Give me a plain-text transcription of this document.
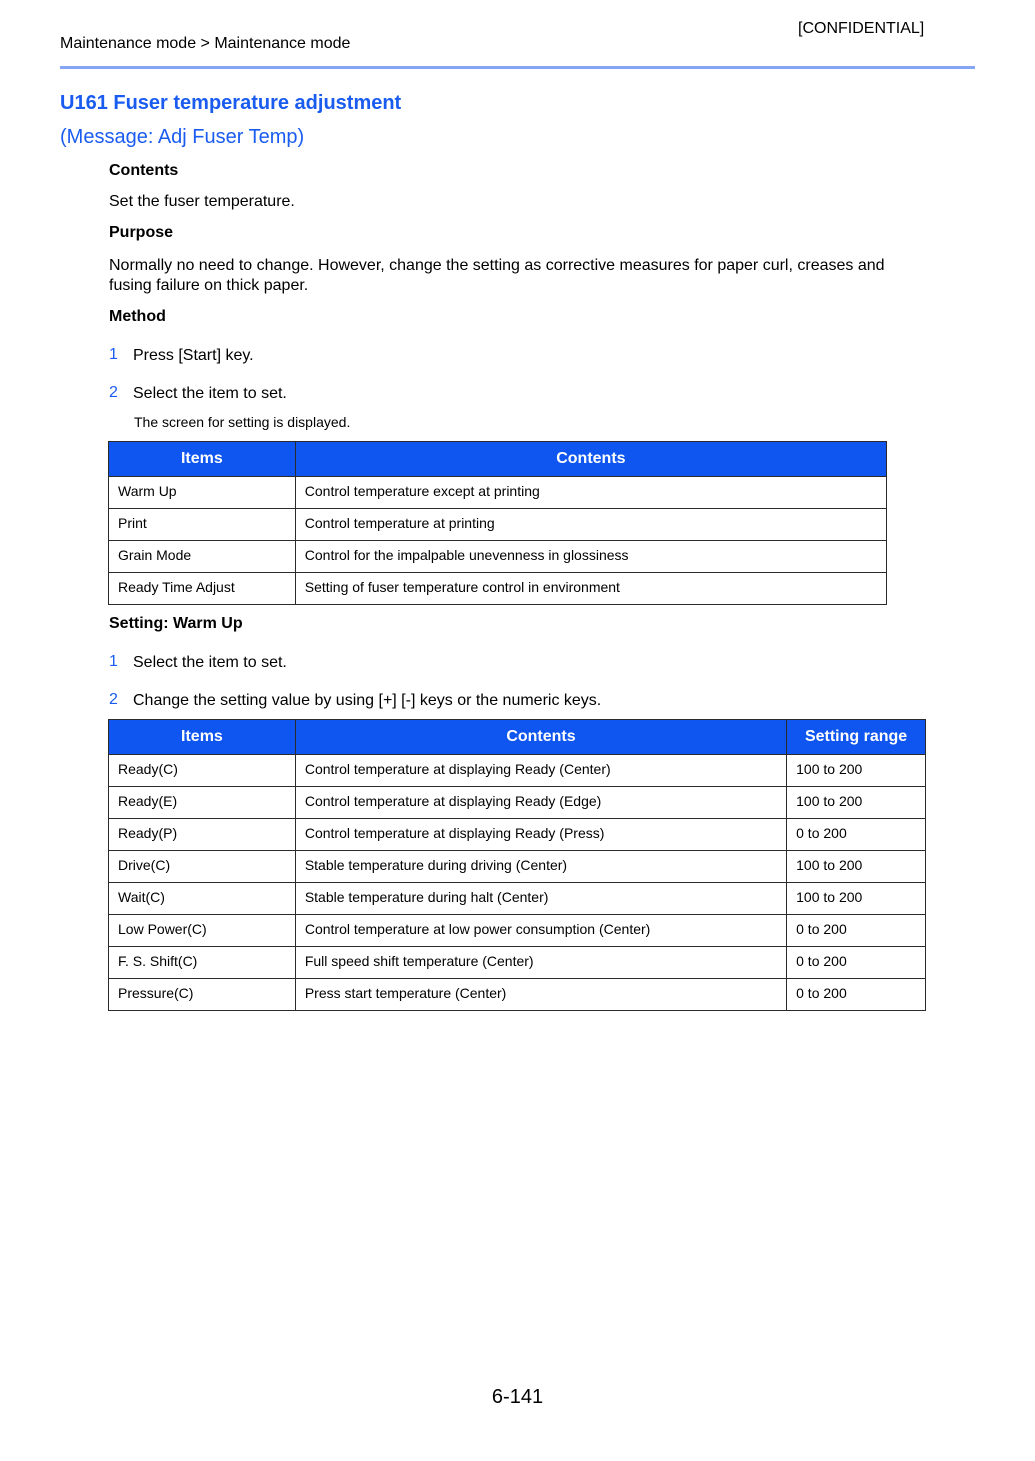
Maintenance mode > Maintenance mode
[CONFIDENTIAL]
U161 Fuser temperature adjustment
(Message: Adj Fuser Temp)
Contents
Set the fuser temperature.
Purpose
Normally no need to change. However, change the setting as corrective measures for paper curl, creases and
fusing failure on thick paper.
Method
1 Press [Start] key.
2 Select the item to set.
The screen for setting is displayed.
Items	Contents
Warm Up	Control temperature except at printing
Print	Control temperature at printing
Grain Mode	Control for the impalpable unevenness in glossiness
Ready Time Adjust	Setting of fuser temperature control in environment
Setting: Warm Up
1 Select the item to set.
2 Change the setting value by using [+] [-] keys or the numeric keys.
Items	Contents	Setting range
Ready(C)	Control temperature at displaying Ready (Center)	100 to 200
Ready(E)	Control temperature at displaying Ready (Edge)	100 to 200
Ready(P)	Control temperature at displaying Ready (Press)	0 to 200
Drive(C)	Stable temperature during driving (Center)	100 to 200
Wait(C)	Stable temperature during halt (Center)	100 to 200
Low Power(C)	Control temperature at low power consumption (Center)	0 to 200
F. S. Shift(C)	Full speed shift temperature (Center)	0 to 200
Pressure(C)	Press start temperature (Center)	0 to 200
6-141
